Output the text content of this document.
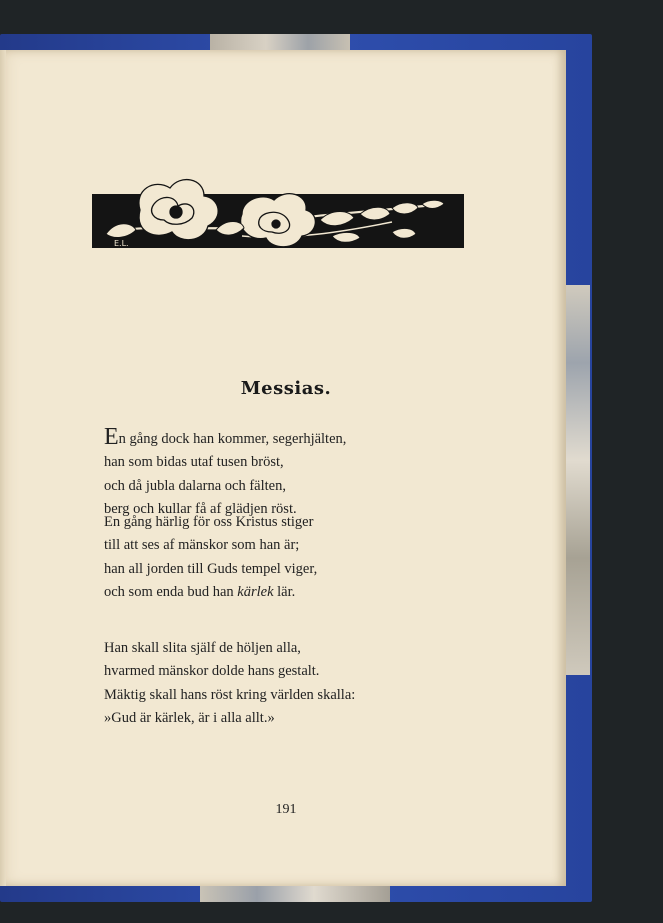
E.L.
Messias.
En gång dock han kommer, segerhjälten,
han som bidas utaf tusen bröst,
och då jubla dalarna och fälten,
berg och kullar få af glädjen röst.
En gång härlig för oss Kristus stiger
till att ses af mänskor som han är;
han all jorden till Guds tempel viger,
och som enda bud han kärlek lär.
Han skall slita själf de höljen alla,
hvarmed mänskor dolde hans gestalt.
Mäktig skall hans röst kring världen skalla:
»Gud är kärlek, är i alla allt.»
191
